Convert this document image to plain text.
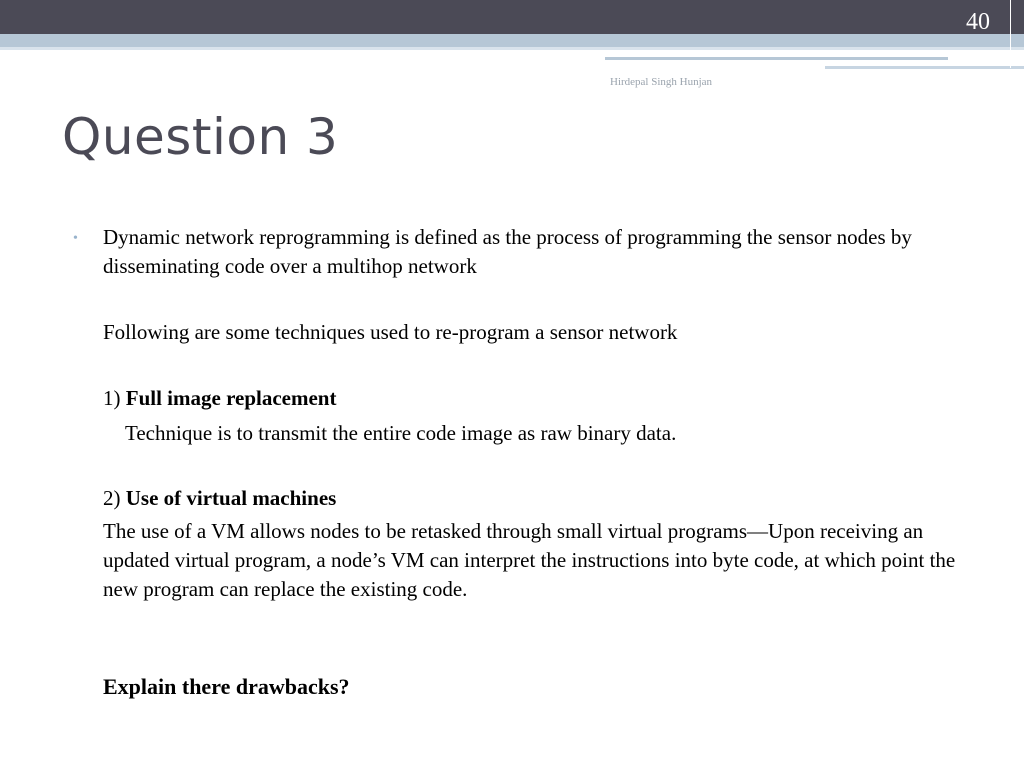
40
Hirdepal Singh Hunjan
Question 3
• Dynamic network reprogramming is defined as the process of programming the sensor nodes by disseminating code over a multihop network

Following are some techniques used to re-program a sensor network

1) Full image replacement

Technique is to transmit the entire code image as raw binary data.

2) Use of virtual machines

The use of a VM allows nodes to be retasked through small virtual programs—Upon receiving an updated virtual program, a node’s VM can interpret the instructions into byte code, at which point the new program can replace the existing code.

Explain there drawbacks?
